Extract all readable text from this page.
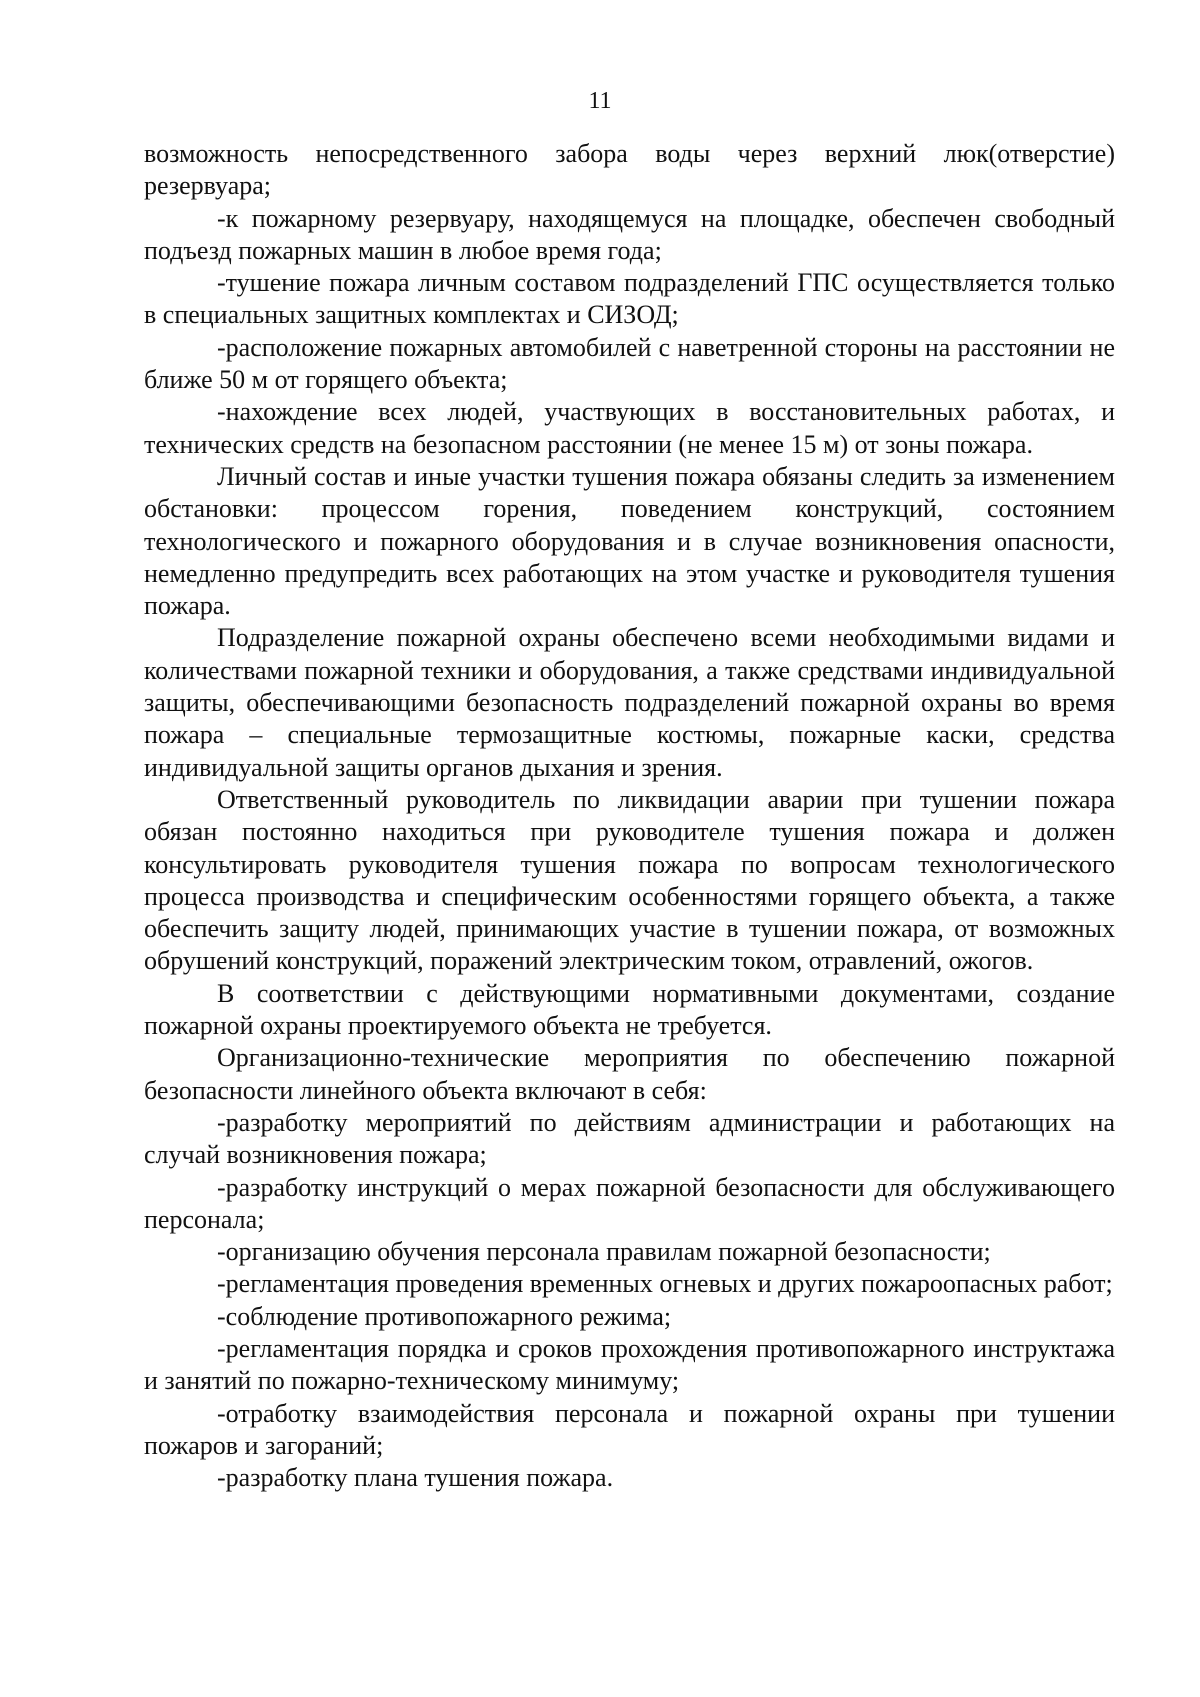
11

возможность непосредственного забора воды через верхний люк(отверстие) резервуара;

-к пожарному резервуару, находящемуся на площадке, обеспечен свободный подъезд пожарных машин в любое время года;

-тушение пожара личным составом подразделений ГПС осуществляется только в специальных защитных комплектах и СИЗОД;

-расположение пожарных автомобилей с наветренной стороны на расстоянии не ближе 50 м от горящего объекта;

-нахождение всех людей, участвующих в восстановительных работах, и технических средств на безопасном расстоянии (не менее 15 м) от зоны пожара.

Личный состав и иные участки тушения пожара обязаны следить за изменением обстановки: процессом горения, поведением конструкций, состоянием технологического и пожарного оборудования и в случае возникновения опасности, немедленно предупредить всех работающих на этом участке и руководителя тушения пожара.

Подразделение пожарной охраны обеспечено всеми необходимыми видами и количествами пожарной техники и оборудования, а также средствами индивидуальной защиты, обеспечивающими безопасность подразделений пожарной охраны во время пожара – специальные термозащитные костюмы, пожарные каски, средства индивидуальной защиты органов дыхания и зрения.

Ответственный руководитель по ликвидации аварии при тушении пожара обязан постоянно находиться при руководителе тушения пожара и должен консультировать руководителя тушения пожара по вопросам технологического процесса производства и специфическим особенностями горящего объекта, а также обеспечить защиту людей, принимающих участие в тушении пожара, от возможных обрушений конструкций, поражений электрическим током, отравлений, ожогов.

В соответствии с действующими нормативными документами, создание пожарной охраны проектируемого объекта не требуется.

Организационно-технические мероприятия по обеспечению пожарной безопасности линейного объекта включают в себя:

-разработку мероприятий по действиям администрации и работающих на случай возникновения пожара;

-разработку инструкций о мерах пожарной безопасности для обслуживающего персонала;

-организацию обучения персонала правилам пожарной безопасности;

-регламентация проведения временных огневых и других пожароопасных работ;

-соблюдение противопожарного режима;

-регламентация порядка и сроков прохождения противопожарного инструктажа и занятий по пожарно-техническому минимуму;

-отработку взаимодействия персонала и пожарной охраны при тушении пожаров и загораний;

-разработку плана тушения пожара.
